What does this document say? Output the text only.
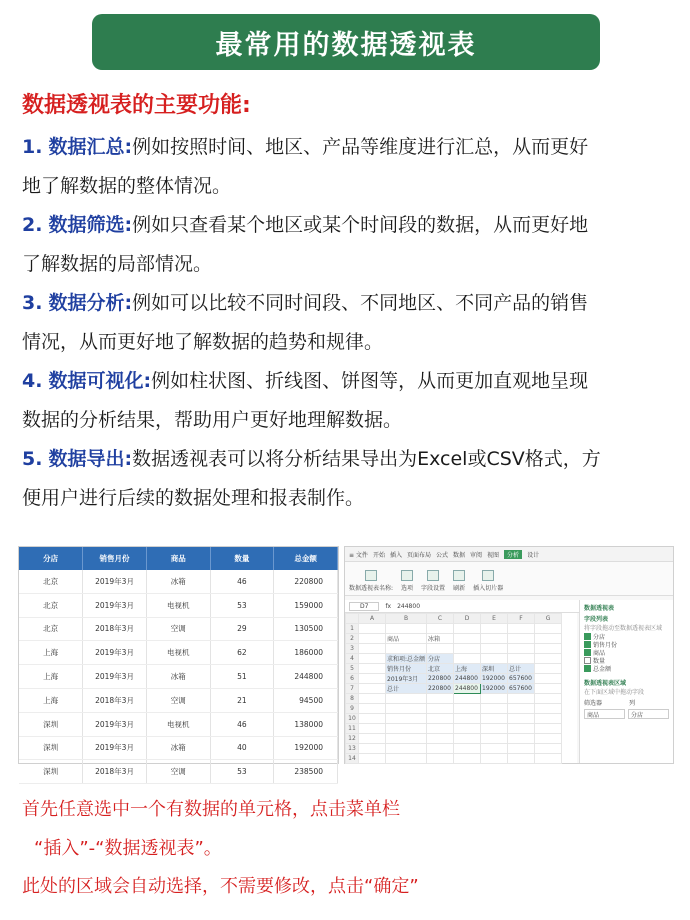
最常用的数据透视表
数据透视表的主要功能:
1. 数据汇总:例如按照时间、地区、产品等维度进行汇总，从而更好
地了解数据的整体情况。
2. 数据筛选:例如只查看某个地区或某个时间段的数据，从而更好地
了解数据的局部情况。
3. 数据分析:例如可以比较不同时间段、不同地区、不同产品的销售
情况，从而更好地了解数据的趋势和规律。
4. 数据可视化:例如柱状图、折线图、饼图等，从而更加直观地呈现
数据的分析结果，帮助用户更好地理解数据。
5. 数据导出:数据透视表可以将分析结果导出为Excel或CSV格式，方
便用户进行后续的数据处理和报表制作。
分店	销售月份	商品	数量	总金额
北京	2019年3月	冰箱	46	220800
北京	2019年3月	电视机	53	159000
北京	2018年3月	空调	29	130500
上海	2019年3月	电视机	62	186000
上海	2019年3月	冰箱	51	244800
上海	2018年3月	空调	21	94500
深圳	2019年3月	电视机	46	138000
深圳	2019年3月	冰箱	40	192000
深圳	2018年3月	空调	53	238500
≡ 文件 开始 插入 页面布局 公式 数据 审阅 视图	分析	设计
数据透视表名称: 选项 字段设置 刷新 插入切片器
D7	fx 244800
	A	B	C	D	E	F	G
1							
2		商品	冰箱				
3							
4		求和项:总金额	分店				
5		销售月份	北京	上海	深圳	总计	
6		2019年3月	220800	244800	192000	657600	
7		总计	220800	244800	192000	657600	
8							
9							
10							
11							
12							
13							
14							
数据透视表
字段列表
将字段拖动至数据透视表区域
分店
销售月份
商品
数量
总金额
数据透视表区域
在下面区域中拖动字段
筛选器	列
商品	分店
首先任意选中一个有数据的单元格，点击菜单栏
“插入”-“数据透视表”。
此处的区域会自动选择，不需要修改，点击“确定”
